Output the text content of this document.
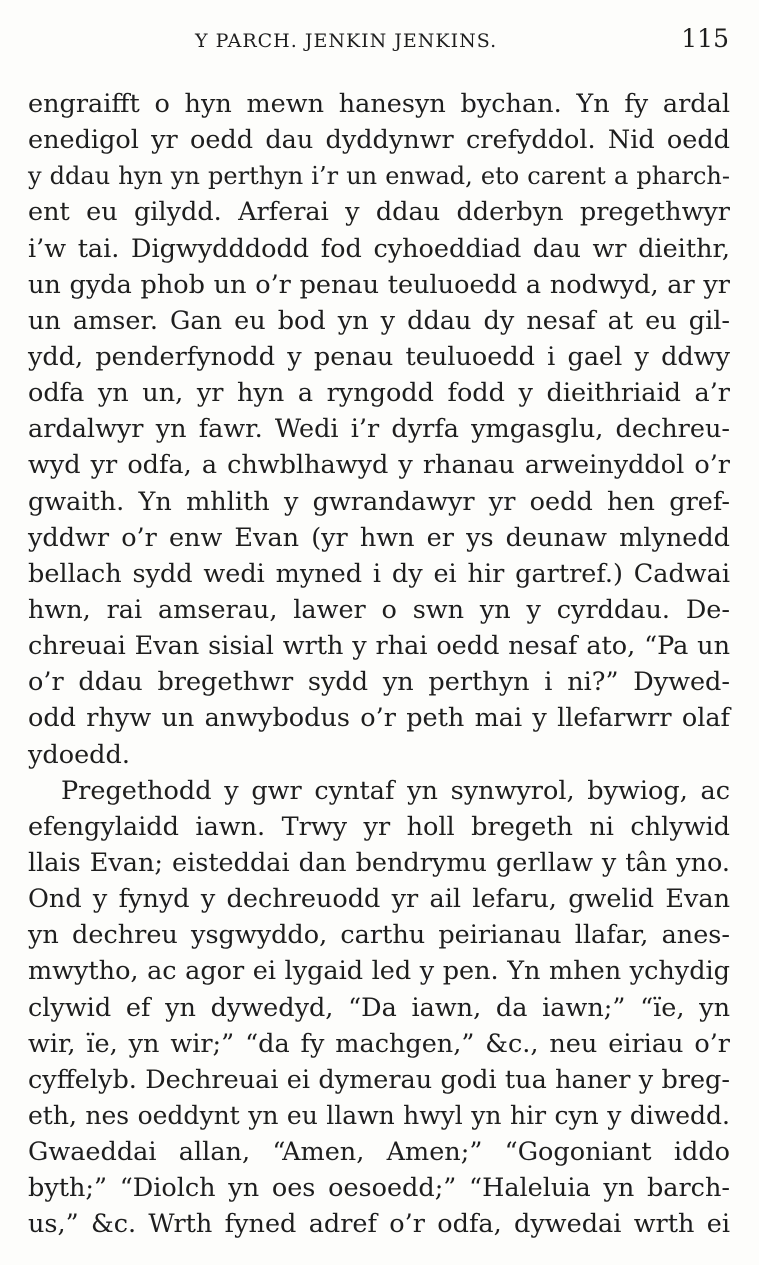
Y PARCH. JENKIN JENKINS.	115
engraifft o hyn mewn hanesyn bychan. Yn fy ardal
enedigol yr oedd dau dyddynwr crefyddol. Nid oedd
y ddau hyn yn perthyn i’r un enwad, eto carent a pharch-
ent eu gilydd. Arferai y ddau dderbyn pregethwyr
i’w tai. Digwydddodd fod cyhoeddiad dau wr dieithr,
un gyda phob un o’r penau teuluoedd a nodwyd, ar yr
un amser. Gan eu bod yn y ddau dy nesaf at eu gil-
ydd, penderfynodd y penau teuluoedd i gael y ddwy
odfa yn un, yr hyn a ryngodd fodd y dieithriaid a’r
ardalwyr yn fawr. Wedi i’r dyrfa ymgasglu, dechreu-
wyd yr odfa, a chwblhawyd y rhanau arweinyddol o’r
gwaith. Yn mhlith y gwrandawyr yr oedd hen gref-
yddwr o’r enw Evan (yr hwn er ys deunaw mlynedd
bellach sydd wedi myned i dy ei hir gartref.) Cadwai
hwn, rai amserau, lawer o swn yn y cyrddau. De-
chreuai Evan sisial wrth y rhai oedd nesaf ato, “Pa un
o’r ddau bregethwr sydd yn perthyn i ni?” Dywed-
odd rhyw un anwybodus o’r peth mai y llefarwrr olaf
ydoedd.
Pregethodd y gwr cyntaf yn synwyrol, bywiog, ac
efengylaidd iawn. Trwy yr holl bregeth ni chlywid
llais Evan; eisteddai dan bendrymu gerllaw y tân yno.
Ond y fynyd y dechreuodd yr ail lefaru, gwelid Evan
yn dechreu ysgwyddo, carthu peirianau llafar, anes-
mwytho, ac agor ei lygaid led y pen. Yn mhen ychydig
clywid ef yn dywedyd, “Da iawn, da iawn;” “ïe, yn
wir, ïe, yn wir;” “da fy machgen,” &c., neu eiriau o’r
cyffelyb. Dechreuai ei dymerau godi tua haner y breg-
eth, nes oeddynt yn eu llawn hwyl yn hir cyn y diwedd.
Gwaeddai allan, “Amen, Amen;” “Gogoniant iddo
byth;” “Diolch yn oes oesoedd;” “Haleluia yn barch-
us,” &c. Wrth fyned adref o’r odfa, dywedai wrth ei
